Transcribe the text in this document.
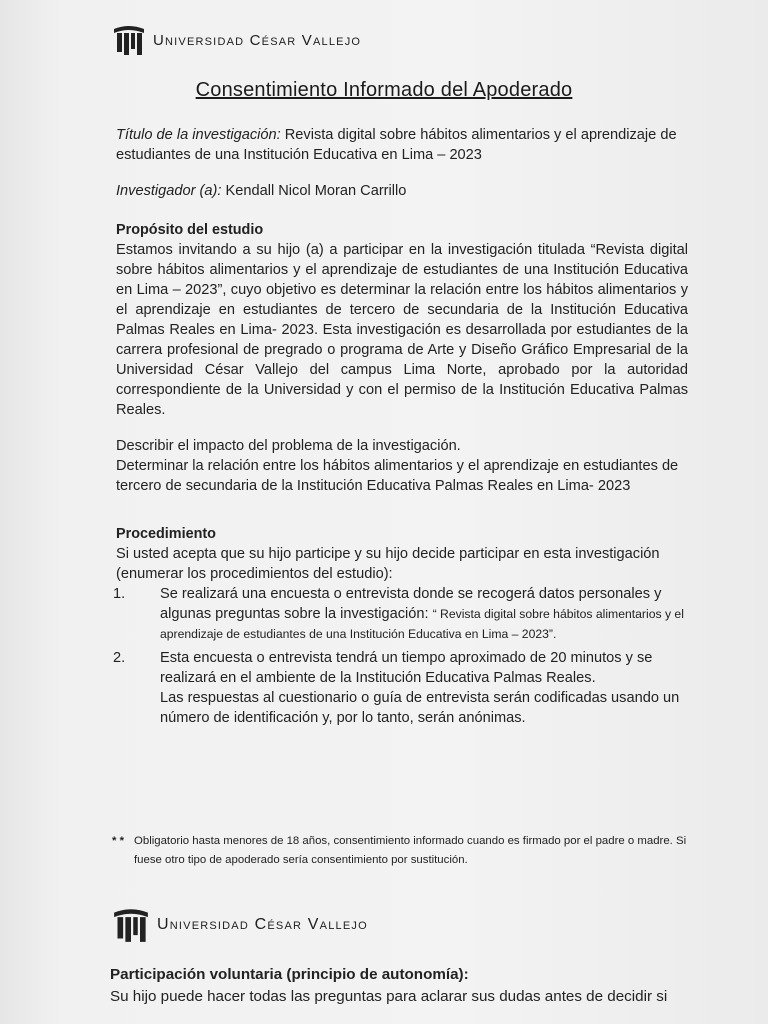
Universidad César Vallejo
Consentimiento Informado del Apoderado

Título de la investigación: Revista digital sobre hábitos alimentarios y el aprendizaje de estudiantes de una Institución Educativa en Lima – 2023

Investigador (a): Kendall Nicol Moran Carrillo

Propósito del estudio

Estamos invitando a su hijo (a) a participar en la investigación titulada “Revista digital sobre hábitos alimentarios y el aprendizaje de estudiantes de una Institución Educativa en Lima – 2023”, cuyo objetivo es determinar la relación entre los hábitos alimentarios y el aprendizaje en estudiantes de tercero de secundaria de la Institución Educativa Palmas Reales en Lima- 2023. Esta investigación es desarrollada por estudiantes de la carrera profesional de pregrado o programa de Arte y Diseño Gráfico Empresarial de la Universidad César Vallejo del campus Lima Norte, aprobado por la autoridad correspondiente de la Universidad y con el permiso de la Institución Educativa Palmas Reales.

Describir el impacto del problema de la investigación.

Determinar la relación entre los hábitos alimentarios y el aprendizaje en estudiantes de tercero de secundaria de la Institución Educativa Palmas Reales en Lima- 2023

Procedimiento

Si usted acepta que su hijo participe y su hijo decide participar en esta investigación (enumerar los procedimientos del estudio):

1.	Se realizará una encuesta o entrevista donde se recogerá datos personales y algunas preguntas sobre la investigación: “ Revista digital sobre hábitos alimentarios y el aprendizaje de estudiantes de una Institución Educativa en Lima – 2023”.
2.	Esta encuesta o entrevista tendrá un tiempo aproximado de 20 minutos y se realizará en el ambiente de la Institución Educativa Palmas Reales.
Las respuestas al cuestionario o guía de entrevista serán codificadas usando un número de identificación y, por lo tanto, serán anónimas.
* * Obligatorio hasta menores de 18 años, consentimiento informado cuando es firmado por el padre o madre. Si fuese otro tipo de apoderado sería consentimiento por sustitución.
Universidad César Vallejo

Participación voluntaria (principio de autonomía):

Su hijo puede hacer todas las preguntas para aclarar sus dudas antes de decidir si
